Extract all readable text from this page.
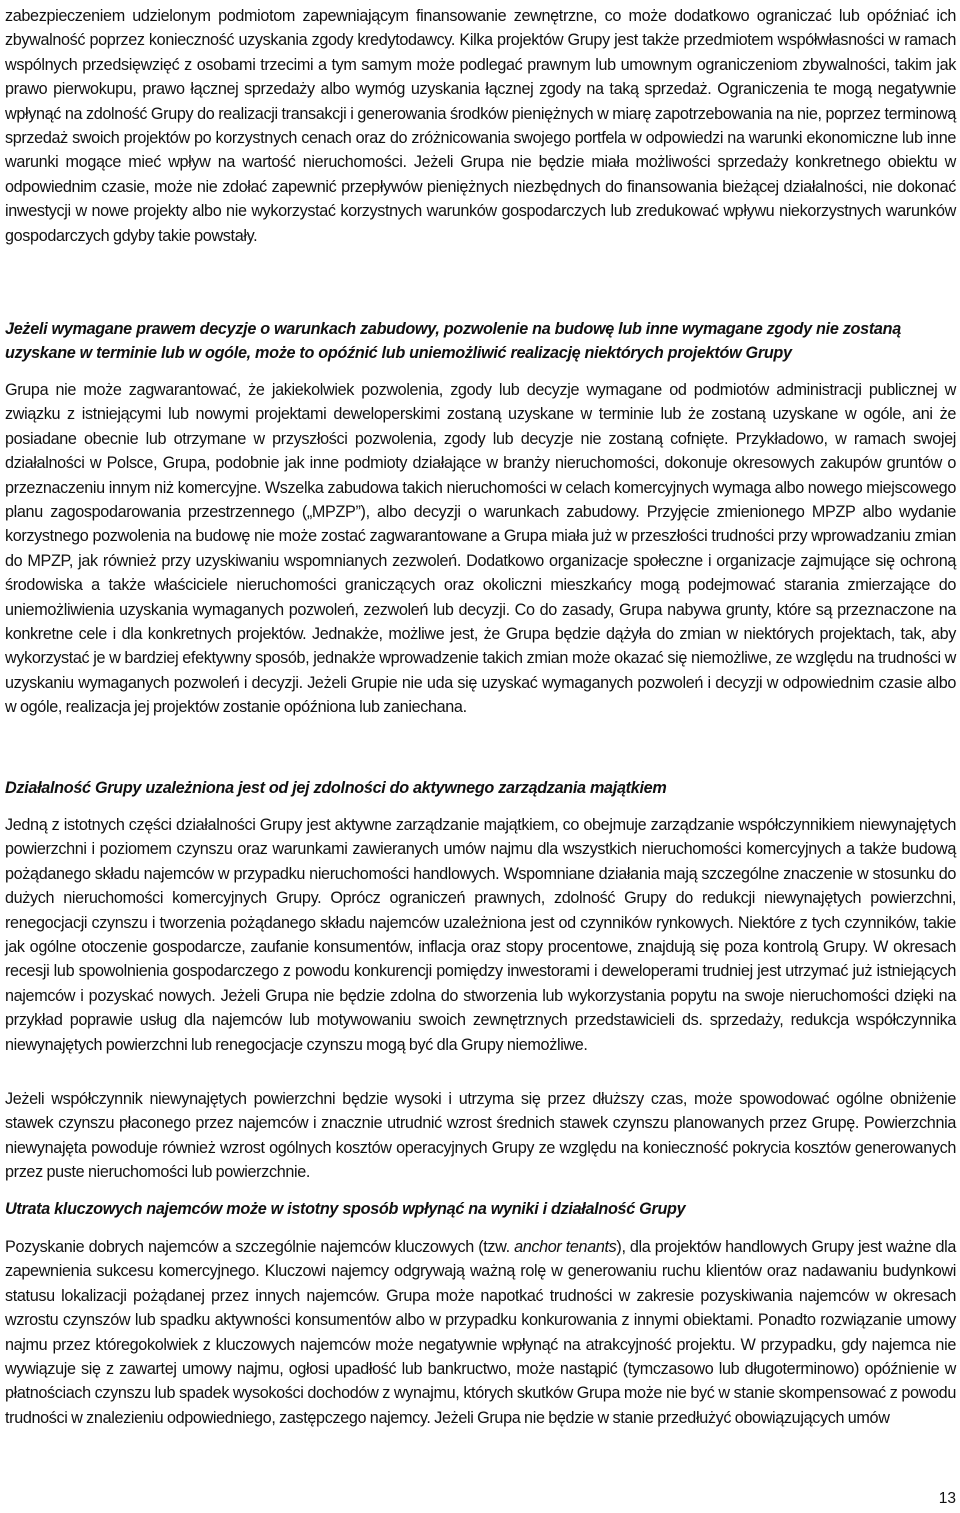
zabezpieczeniem udzielonym podmiotom zapewniającym finansowanie zewnętrzne, co może dodatkowo ograniczać lub opóźniać ich zbywalność poprzez konieczność uzyskania zgody kredytodawcy. Kilka projektów Grupy jest także przedmiotem współwłasności w ramach wspólnych przedsięwzięć z osobami trzecimi a tym samym może podlegać prawnym lub umownym ograniczeniom zbywalności, takim jak prawo pierwokupu, prawo łącznej sprzedaży albo wymóg uzyskania łącznej zgody na taką sprzedaż. Ograniczenia te mogą negatywnie wpłynąć na zdolność Grupy do realizacji transakcji i generowania środków pieniężnych w miarę zapotrzebowania na nie, poprzez terminową sprzedaż swoich projektów po korzystnych cenach oraz do zróżnicowania swojego portfela w odpowiedzi na warunki ekonomiczne lub inne warunki mogące mieć wpływ na wartość nieruchomości. Jeżeli Grupa nie będzie miała możliwości sprzedaży konkretnego obiektu w odpowiednim czasie, może nie zdołać zapewnić przepływów pieniężnych niezbędnych do finansowania bieżącej działalności, nie dokonać inwestycji w nowe projekty albo nie wykorzystać korzystnych warunków gospodarczych lub zredukować wpływu niekorzystnych warunków gospodarczych gdyby takie powstały.

Jeżeli wymagane prawem decyzje o warunkach zabudowy, pozwolenie na budowę lub inne wymagane zgody nie zostaną uzyskane w terminie lub w ogóle, może to opóźnić lub uniemożliwić realizację niektórych projektów Grupy

Grupa nie może zagwarantować, że jakiekolwiek pozwolenia, zgody lub decyzje wymagane od podmiotów administracji publicznej w związku z istniejącymi lub nowymi projektami deweloperskimi zostaną uzyskane w terminie lub że zostaną uzyskane w ogóle, ani że posiadane obecnie lub otrzymane w przyszłości pozwolenia, zgody lub decyzje nie zostaną cofnięte. Przykładowo, w ramach swojej działalności w Polsce, Grupa, podobnie jak inne podmioty działające w branży nieruchomości, dokonuje okresowych zakupów gruntów o przeznaczeniu innym niż komercyjne. Wszelka zabudowa takich nieruchomości w celach komercyjnych wymaga albo nowego miejscowego planu zagospodarowania przestrzennego („MPZP”), albo decyzji o warunkach zabudowy. Przyjęcie zmienionego MPZP albo wydanie korzystnego pozwolenia na budowę nie może zostać zagwarantowane a Grupa miała już w przeszłości trudności przy wprowadzaniu zmian do MPZP, jak również przy uzyskiwaniu wspomnianych zezwoleń. Dodatkowo organizacje społeczne i organizacje zajmujące się ochroną środowiska a także właściciele nieruchomości graniczących oraz okoliczni mieszkańcy mogą podejmować starania zmierzające do uniemożliwienia uzyskania wymaganych pozwoleń, zezwoleń lub decyzji. Co do zasady, Grupa nabywa grunty, które są przeznaczone na konkretne cele i dla konkretnych projektów. Jednakże, możliwe jest, że Grupa będzie dążyła do zmian w niektórych projektach, tak, aby wykorzystać je w bardziej efektywny sposób, jednakże wprowadzenie takich zmian może okazać się niemożliwe, ze względu na trudności w uzyskaniu wymaganych pozwoleń i decyzji. Jeżeli Grupie nie uda się uzyskać wymaganych pozwoleń i decyzji w odpowiednim czasie albo w ogóle, realizacja jej projektów zostanie opóźniona lub zaniechana.

Działalność Grupy uzależniona jest od jej zdolności do aktywnego zarządzania majątkiem

Jedną z istotnych części działalności Grupy jest aktywne zarządzanie majątkiem, co obejmuje zarządzanie współczynnikiem niewynajętych powierzchni i poziomem czynszu oraz warunkami zawieranych umów najmu dla wszystkich nieruchomości komercyjnych a także budową pożądanego składu najemców w przypadku nieruchomości handlowych. Wspomniane działania mają szczególne znaczenie w stosunku do dużych nieruchomości komercyjnych Grupy. Oprócz ograniczeń prawnych, zdolność Grupy do redukcji niewynajętych powierzchni, renegocjacji czynszu i tworzenia pożądanego składu najemców uzależniona jest od czynników rynkowych. Niektóre z tych czynników, takie jak ogólne otoczenie gospodarcze, zaufanie konsumentów, inflacja oraz stopy procentowe, znajdują się poza kontrolą Grupy. W okresach recesji lub spowolnienia gospodarczego z powodu konkurencji pomiędzy inwestorami i deweloperami trudniej jest utrzymać już istniejących najemców i pozyskać nowych. Jeżeli Grupa nie będzie zdolna do stworzenia lub wykorzystania popytu na swoje nieruchomości dzięki na przykład poprawie usług dla najemców lub motywowaniu swoich zewnętrznych przedstawicieli ds. sprzedaży, redukcja współczynnika niewynajętych powierzchni lub renegocjacje czynszu mogą być dla Grupy niemożliwe.

Jeżeli współczynnik niewynajętych powierzchni będzie wysoki i utrzyma się przez dłuższy czas, może spowodować ogólne obniżenie stawek czynszu płaconego przez najemców i znacznie utrudnić wzrost średnich stawek czynszu planowanych przez Grupę. Powierzchnia niewynajęta powoduje również wzrost ogólnych kosztów operacyjnych Grupy ze względu na konieczność pokrycia kosztów generowanych przez puste nieruchomości lub powierzchnie.

Utrata kluczowych najemców może w istotny sposób wpłynąć na wyniki i działalność Grupy

Pozyskanie dobrych najemców a szczególnie najemców kluczowych (tzw. anchor tenants), dla projektów handlowych Grupy jest ważne dla zapewnienia sukcesu komercyjnego. Kluczowi najemcy odgrywają ważną rolę w generowaniu ruchu klientów oraz nadawaniu budynkowi statusu lokalizacji pożądanej przez innych najemców. Grupa może napotkać trudności w zakresie pozyskiwania najemców w okresach wzrostu czynszów lub spadku aktywności konsumentów albo w przypadku konkurowania z innymi obiektami. Ponadto rozwiązanie umowy najmu przez któregokolwiek z kluczowych najemców może negatywnie wpłynąć na atrakcyjność projektu. W przypadku, gdy najemca nie wywiązuje się z zawartej umowy najmu, ogłosi upadłość lub bankructwo, może nastąpić (tymczasowo lub długoterminowo) opóźnienie w płatnościach czynszu lub spadek wysokości dochodów z wynajmu, których skutków Grupa może nie być w stanie skompensować z powodu trudności w znalezieniu odpowiedniego, zastępczego najemcy. Jeżeli Grupa nie będzie w stanie przedłużyć obowiązujących umów

13
